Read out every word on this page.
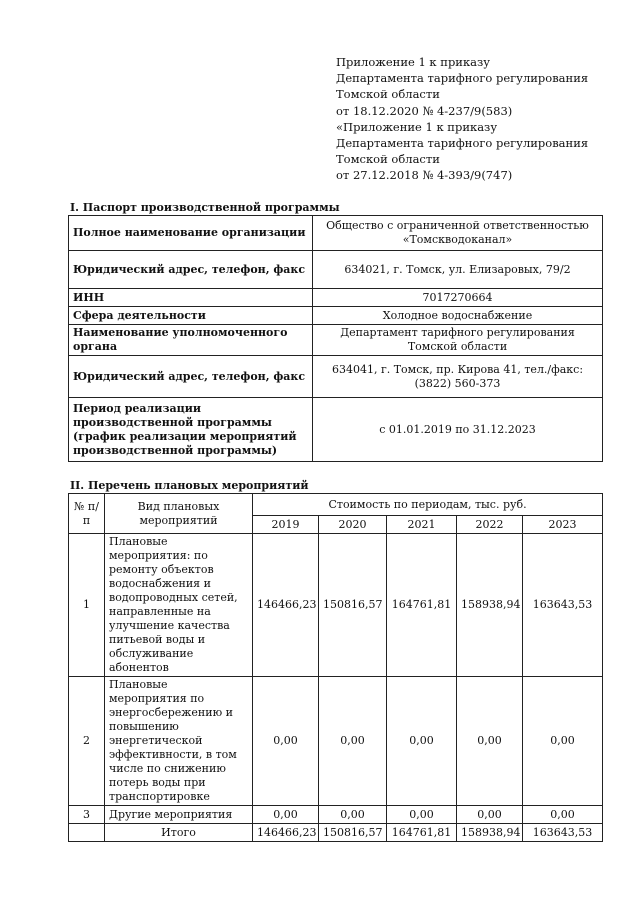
Приложение 1 к приказу
Департамента тарифного регулирования
Томской области
от 18.12.2020 № 4-237/9(583)
«Приложение 1 к приказу
Департамента тарифного регулирования
Томской области
от 27.12.2018 № 4-393/9(747)
I. Паспорт производственной программы
Полное наименование организации	Общество с ограниченной ответственностью «Томскводоканал»
Юридический адрес, телефон, факс	634021, г. Томск, ул. Елизаровых, 79/2
ИНН	7017270664
Сфера деятельности	Холодное водоснабжение
Наименование уполномоченного органа	Департамент тарифного регулирования Томской области
Юридический адрес, телефон, факс	634041, г. Томск, пр. Кирова 41, тел./факс: (3822) 560-373
Период реализации производственной программы (график реализации мероприятий производственной программы)	с 01.01.2019 по 31.12.2023
II. Перечень плановых мероприятий
№ п/п	Вид плановых мероприятий	Стоимость по периодам, тыс. руб.				
		2019	2020	2021	2022	2023
1	Плановые мероприятия: по ремонту объектов водоснабжения и водопроводных сетей, направленные на улучшение качества питьевой воды и обслуживание абонентов	146466,23	150816,57	164761,81	158938,94	163643,53
2	Плановые мероприятия по энергосбережению и повышению энергетической эффективности, в том числе по снижению потерь воды при транспортировке	0,00	0,00	0,00	0,00	0,00
3	Другие мероприятия	0,00	0,00	0,00	0,00	0,00
	Итого	146466,23	150816,57	164761,81	158938,94	163643,53
